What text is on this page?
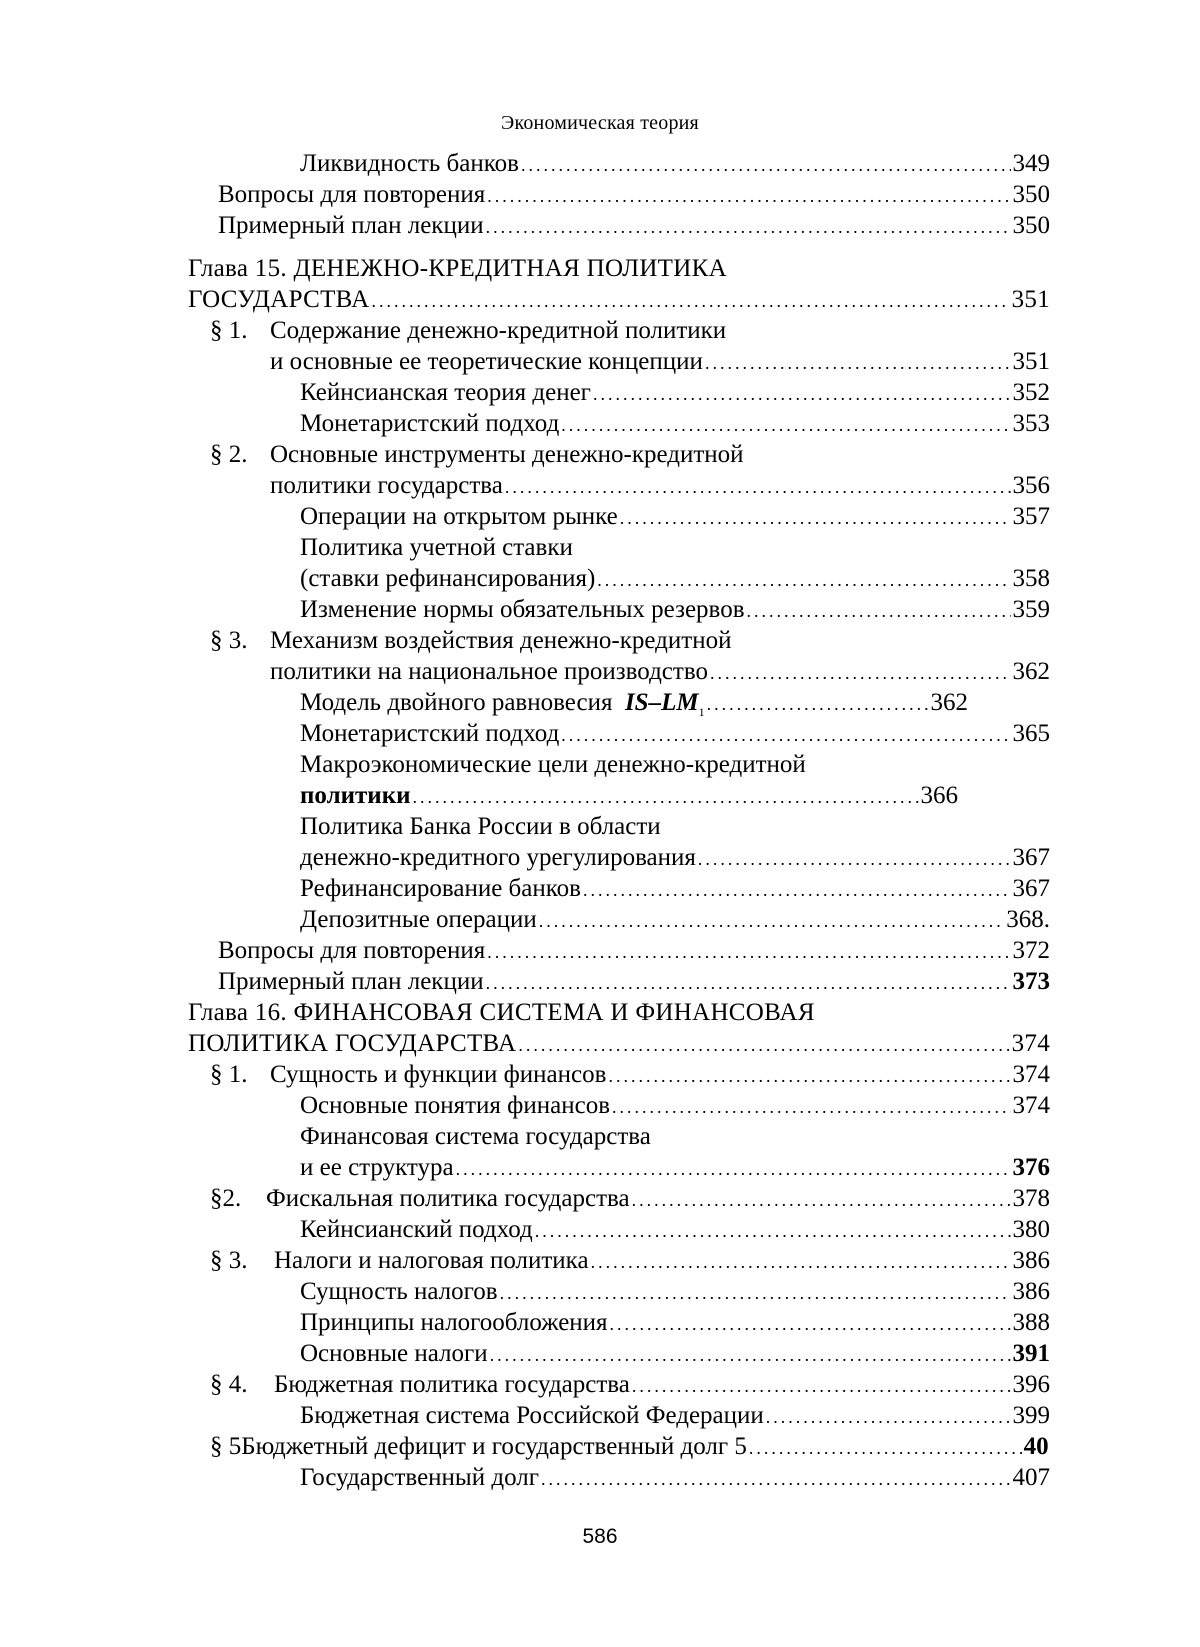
Экономическая теория
Ликвидность банков .....	349
Вопросы для повторения .....	350
Примерный план лекции .....	350
Глава 15. ДЕНЕЖНО-КРЕДИТНАЯ ПОЛИТИКА
ГОСУДАРСТВА .....	351
§ 1. Содержание денежно-кредитной политики
и основные ее теоретические концепции .....	351
Кейнсианская теория денег .....	352
Монетаристский подход .....	353
§ 2. Основные инструменты денежно-кредитной
политики государства .....	356
Операции на открытом рынке .....	357
Политика учетной ставки
(ставки рефинансирования) .....	358
Изменение нормы обязательных резервов .....	359
§ 3. Механизм воздействия денежно-кредитной
политики на национальное производство .....	362
Модель двойного равновесия $IS-LM_1$ .....	362
Монетаристский подход .....	365
Макроэкономические цели денежно-кредитной
политики .....	366
Политика Банка России в области
денежно-кредитного урегулирования .....	367
Рефинансирование банков .....	367
Депозитные операции .....	368.
Вопросы для повторения .....	372
Примерный план лекции .....	373
Глава 16. ФИНАНСОВАЯ СИСТЕМА И ФИНАНСОВАЯ
ПОЛИТИКА ГОСУДАРСТВА .....	374
§ 1. Сущность и функции финансов .....	374
Основные понятия финансов .....	374
Финансовая система государства
и ее структура .....	376
§2. Фискальная политика государства .....	378
Кейнсианский подход .....	380
§ 3. Налоги и налоговая политика .....	386
Сущность налогов .....	386
Принципы налогообложения .....	388
Основные налоги .....	391
§ 4. Бюджетная политика государства .....	396
Бюджетная система Российской Федерации .....	399
§ 5Бюджетный дефицит и государственный долг 5 .....	40
Государственный долг .....	407
586
